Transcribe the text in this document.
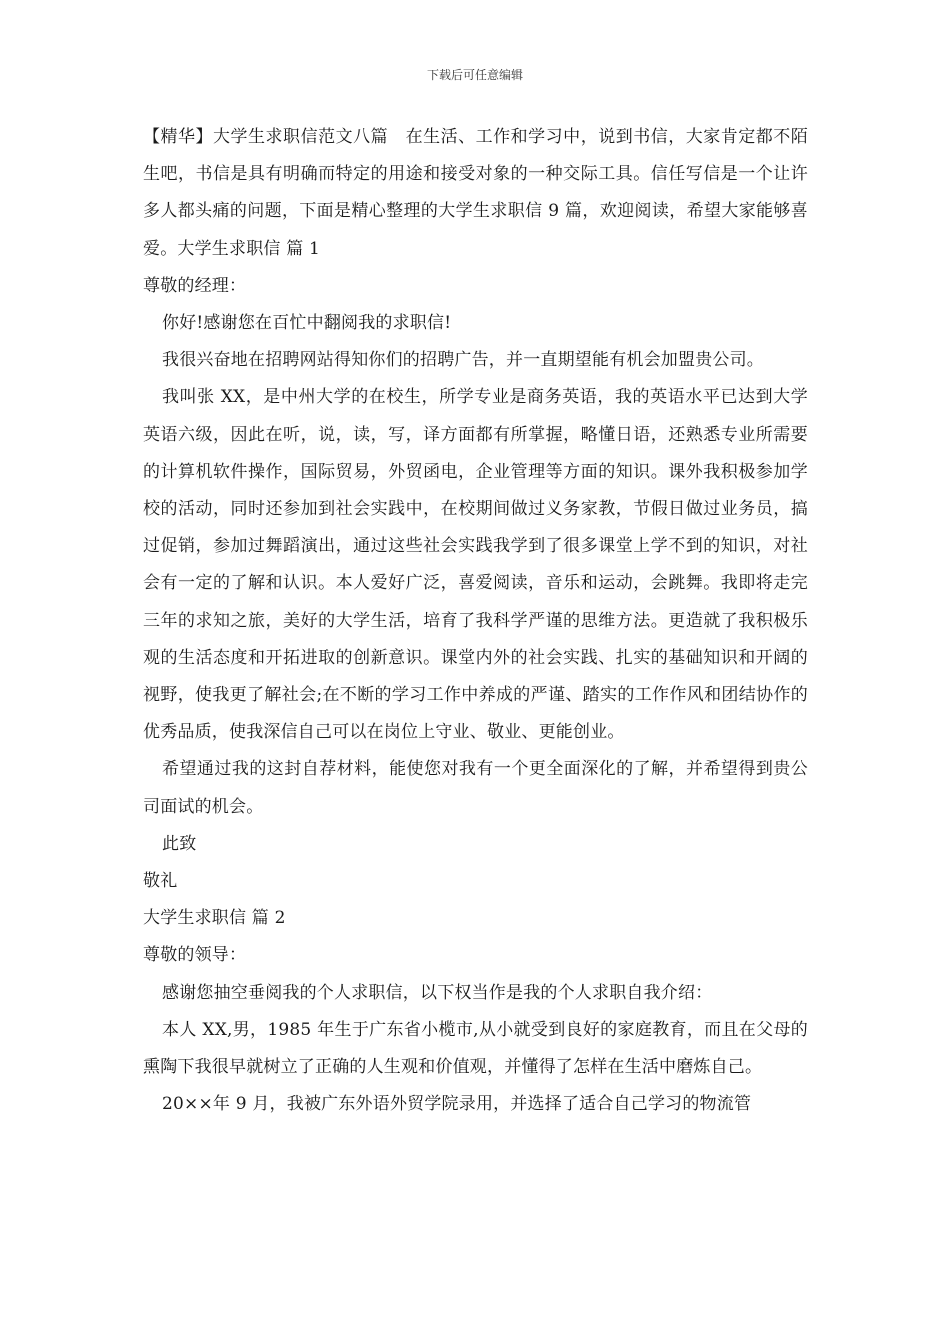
下载后可任意编辑

【精华】大学生求职信范文八篇　在生活、工作和学习中，说到书信，大家肯定都不陌生吧，书信是具有明确而特定的用途和接受对象的一种交际工具。信任写信是一个让许多人都头痛的问题，下面是精心整理的大学生求职信 9 篇，欢迎阅读，希望大家能够喜爱。大学生求职信 篇 1

尊敬的经理：

你好!感谢您在百忙中翻阅我的求职信!

我很兴奋地在招聘网站得知你们的招聘广告，并一直期望能有机会加盟贵公司。

我叫张 XX，是中州大学的在校生，所学专业是商务英语，我的英语水平已达到大学英语六级，因此在听，说，读，写，译方面都有所掌握，略懂日语，还熟悉专业所需要的计算机软件操作，国际贸易，外贸函电，企业管理等方面的知识。课外我积极参加学校的活动，同时还参加到社会实践中，在校期间做过义务家教，节假日做过业务员，搞过促销，参加过舞蹈演出，通过这些社会实践我学到了很多课堂上学不到的知识，对社会有一定的了解和认识。本人爱好广泛，喜爱阅读，音乐和运动，会跳舞。我即将走完三年的求知之旅，美好的大学生活，培育了我科学严谨的思维方法。更造就了我积极乐观的生活态度和开拓进取的创新意识。课堂内外的社会实践、扎实的基础知识和开阔的视野，使我更了解社会;在不断的学习工作中养成的严谨、踏实的工作作风和团结协作的优秀品质，使我深信自己可以在岗位上守业、敬业、更能创业。

希望通过我的这封自荐材料，能使您对我有一个更全面深化的了解，并希望得到贵公司面试的机会。

此致

敬礼

大学生求职信 篇 2

尊敬的领导：

感谢您抽空垂阅我的个人求职信，以下权当作是我的个人求职自我介绍：

本人 XX,男，1985 年生于广东省小榄市,从小就受到良好的家庭教育，而且在父母的熏陶下我很早就树立了正确的人生观和价值观，并懂得了怎样在生活中磨炼自己。

20××年 9 月，我被广东外语外贸学院录用，并选择了适合自己学习的物流管
